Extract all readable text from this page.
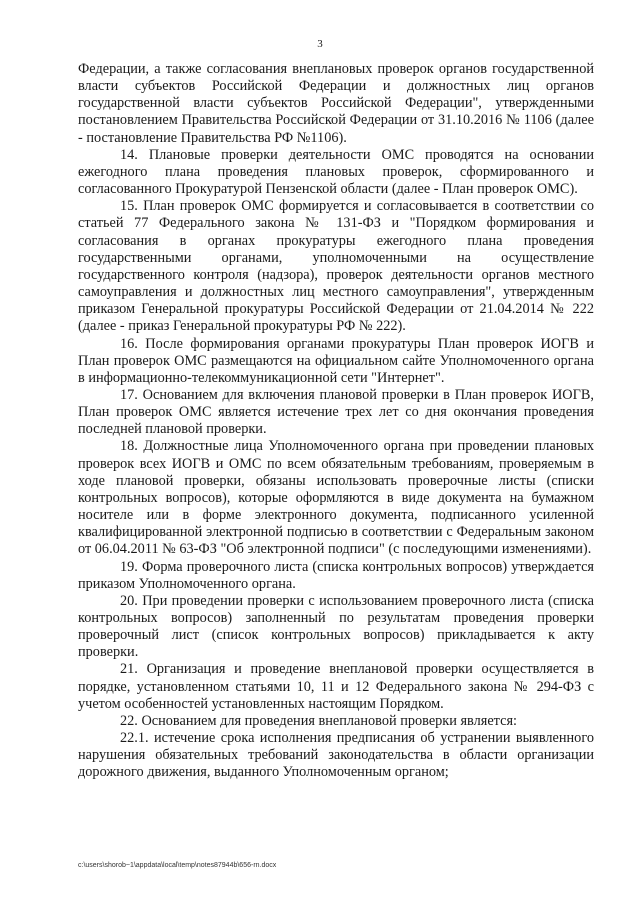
3

Федерации, а также согласования внеплановых проверок органов государственной власти субъектов Российской Федерации и должностных лиц органов государственной власти субъектов Российской Федерации", утвержденными постановлением Правительства Российской Федерации от 31.10.2016 № 1106 (далее - постановление Правительства РФ №1106).

14. Плановые проверки деятельности ОМС проводятся на основании ежегодного плана проведения плановых проверок, сформированного и согласованного Прокуратурой Пензенской области (далее - План проверок ОМС).

15. План проверок ОМС формируется и согласовывается в соответствии со статьей 77 Федерального закона № 131-ФЗ и "Порядком формирования и согласования в органах прокуратуры ежегодного плана проведения государственными органами, уполномоченными на осуществление государственного контроля (надзора), проверок деятельности органов местного самоуправления и должностных лиц местного самоуправления", утвержденным приказом Генеральной прокуратуры Российской Федерации от 21.04.2014 № 222 (далее - приказ Генеральной прокуратуры РФ № 222).

16. После формирования органами прокуратуры План проверок ИОГВ и План проверок ОМС размещаются на официальном сайте Уполномоченного органа в информационно-телекоммуникационной сети "Интернет".

17. Основанием для включения плановой проверки в План проверок ИОГВ, План проверок ОМС является истечение трех лет со дня окончания проведения последней плановой проверки.

18. Должностные лица Уполномоченного органа при проведении плановых проверок всех ИОГВ и ОМС по всем обязательным требованиям, проверяемым в ходе плановой проверки, обязаны использовать проверочные листы (списки контрольных вопросов), которые оформляются в виде документа на бумажном носителе или в форме электронного документа, подписанного усиленной квалифицированной электронной подписью в соответствии с Федеральным законом от 06.04.2011 № 63-ФЗ "Об электронной подписи" (с последующими изменениями).

19. Форма проверочного листа (списка контрольных вопросов) утверждается приказом Уполномоченного органа.

20. При проведении проверки с использованием проверочного листа (списка контрольных вопросов) заполненный по результатам проведения проверки проверочный лист (список контрольных вопросов) прикладывается к акту проверки.

21. Организация и проведение внеплановой проверки осуществляется в порядке, установленном статьями 10, 11 и 12 Федерального закона № 294-ФЗ с учетом особенностей установленных настоящим Порядком.

22. Основанием для проведения внеплановой проверки является:

22.1. истечение срока исполнения предписания об устранении выявленного нарушения обязательных требований законодательства в области организации дорожного движения, выданного Уполномоченным органом;

c:\users\shorob~1\appdata\local\temp\notes87944b\656-rn.docx
